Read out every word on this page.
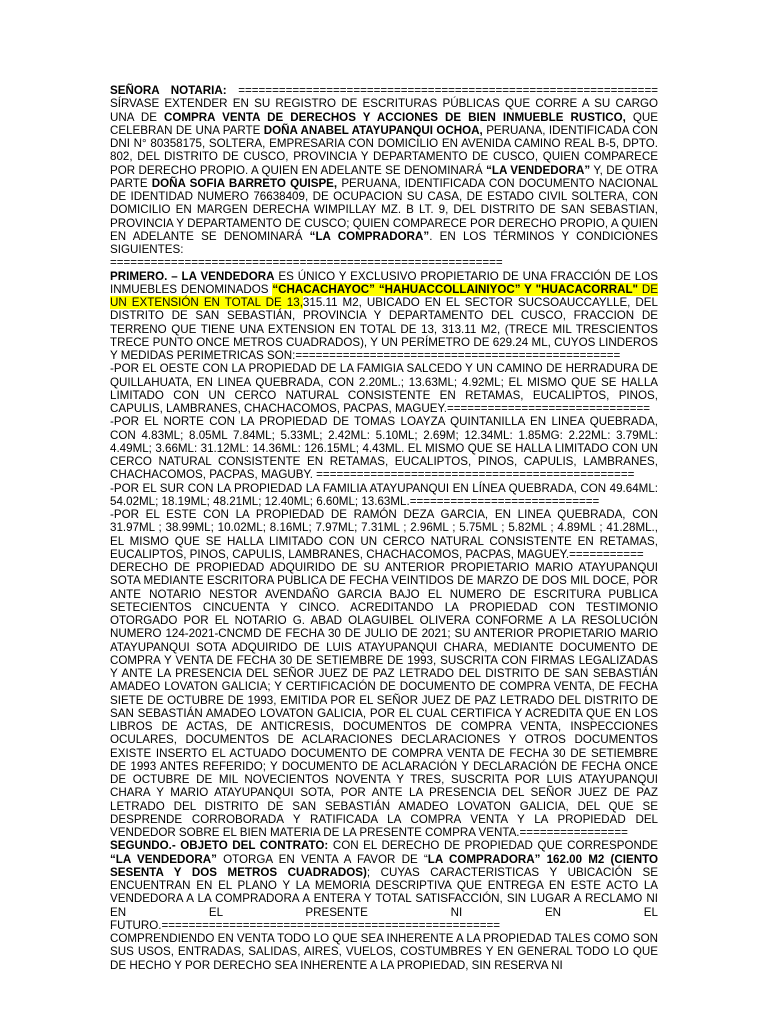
SEÑORA NOTARIA: ============================================================== SÍRVASE EXTENDER EN SU REGISTRO DE ESCRITURAS PÚBLICAS QUE CORRE A SU CARGO UNA DE COMPRA VENTA DE DERECHOS Y ACCIONES DE BIEN INMUEBLE RUSTICO, QUE CELEBRAN DE UNA PARTE DOÑA ANABEL ATAYUPANQUI OCHOA, PERUANA, IDENTIFICADA CON DNI N° 80358175, SOLTERA, EMPRESARIA CON DOMICILIO EN AVENIDA CAMINO REAL B-5, DPTO. 802, DEL DISTRITO DE CUSCO, PROVINCIA Y DEPARTAMENTO DE CUSCO, QUIEN COMPARECE POR DERECHO PROPIO. A QUIEN EN ADELANTE SE DENOMINARÁ “LA VENDEDORA” Y, DE OTRA PARTE DOÑA SOFIA BARRETO QUISPE, PERUANA, IDENTIFICADA CON DOCUMENTO NACIONAL DE IDENTIDAD NUMERO 76638409, DE OCUPACION SU CASA, DE ESTADO CIVIL SOLTERA, CON DOMICILIO EN MARGEN DERECHA WIMPILLAY MZ. B LT. 9, DEL DISTRITO DE SAN SEBASTIAN, PROVINCIA Y DEPARTAMENTO DE CUSCO; QUIEN COMPARECE POR DERECHO PROPIO, A QUIEN EN ADELANTE SE DENOMINARÁ “LA COMPRADORA”. EN LOS TÉRMINOS Y CONDICIONES SIGUIENTES:

==========================================================

PRIMERO. – LA VENDEDORA ES ÚNICO Y EXCLUSIVO PROPIETARIO DE UNA FRACCIÓN DE LOS INMUEBLES DENOMINADOS “CHACACHAYOC” “HAHUACCOLLAINIYOC” Y "HUACACORRAL" DE UN EXTENSIÓN EN TOTAL DE 13,315.11 M2, UBICADO EN EL SECTOR SUCSOAUCCAYLLE, DEL DISTRITO DE SAN SEBASTIÁN, PROVINCIA Y DEPARTAMENTO DEL CUSCO, FRACCION DE TERRENO QUE TIENE UNA EXTENSION EN TOTAL DE 13, 313.11 M2, (TRECE MIL TRESCIENTOS TRECE PUNTO ONCE METROS CUADRADOS), Y UN PERÍMETRO DE 629.24 ML, CUYOS LINDEROS Y MEDIDAS PERIMETRICAS SON:================================================

-POR EL OESTE CON LA PROPIEDAD DE LA FAMIGIA SALCEDO Y UN CAMINO DE HERRADURA DE QUILLAHUATA, EN LINEA QUEBRADA, CON 2.20ML.; 13.63ML; 4.92ML; EL MISMO QUE SE HALLA LIMITADO CON UN CERCO NATURAL CONSISTENTE EN RETAMAS, EUCALIPTOS, PINOS, CAPULIS, LAMBRANES, CHACHACOMOS, PACPAS, MAGUEY.==============================

-POR EL NORTE CON LA PROPIEDAD DE TOMAS LOAYZA QUINTANILLA EN LINEA QUEBRADA, CON 4.83ML; 8.05ML 7.84ML; 5.33ML; 2.42ML: 5.10ML; 2.69M; 12.34ML: 1.85MG: 2.22ML: 3.79ML: 4.49ML; 3.66ML: 31.12ML: 14.36ML: 126.15ML; 4.43ML. EL MISMO QUE SE HALLA LIMITADO CON UN CERCO NATURAL CONSISTENTE EN RETAMAS, EUCALIPTOS, PINOS, CAPULIS, LAMBRANES, CHACHACOMOS, PACPAS, MAGUBY. ===============================================

-POR EL SUR CON LA PROPIEDAD LA FAMILIA ATAYUPANQUI EN LÍNEA QUEBRADA, CON 49.64ML: 54.02ML; 18.19ML; 48.21ML; 12.40ML; 6.60ML; 13.63ML.============================

-POR EL ESTE CON LA PROPIEDAD DE RAMÓN DEZA GARCIA, EN LINEA QUEBRADA, CON 31.97ML ; 38.99ML; 10.02ML; 8.16ML; 7.97ML; 7.31ML ; 2.96ML ; 5.75ML ; 5.82ML ; 4.89ML ; 41.28ML., EL MISMO QUE SE HALLA LIMITADO CON UN CERCO NATURAL CONSISTENTE EN RETAMAS, EUCALIPTOS, PINOS, CAPULIS, LAMBRANES, CHACHACOMOS, PACPAS, MAGUEY.===========

DERECHO DE PROPIEDAD ADQUIRIDO DE SU ANTERIOR PROPIETARIO MARIO ATAYUPANQUI SOTA MEDIANTE ESCRITORA PUBLICA DE FECHA VEINTIDOS DE MARZO DE DOS MIL DOCE, POR ANTE NOTARIO NESTOR AVENDAÑO GARCIA BAJO EL NUMERO DE ESCRITURA PUBLICA SETECIENTOS CINCUENTA Y CINCO. ACREDITANDO LA PROPIEDAD CON TESTIMONIO OTORGADO POR EL NOTARIO G. ABAD OLAGUIBEL OLIVERA CONFORME A LA RESOLUCIÓN NUMERO 124-2021-CNCMD DE FECHA 30 DE JULIO DE 2021; SU ANTERIOR PROPIETARIO MARIO ATAYUPANQUI SOTA ADQUIRIDO DE LUIS ATAYUPANQUI CHARA, MEDIANTE DOCUMENTO DE COMPRA Y VENTA DE FECHA 30 DE SETIEMBRE DE 1993, SUSCRITA CON FIRMAS LEGALIZADAS Y ANTE LA PRESENCIA DEL SEÑOR JUEZ DE PAZ LETRADO DEL DISTRITO DE SAN SEBASTIÁN AMADEO LOVATON GALICIA; Y CERTIFICACIÓN DE DOCUMENTO DE COMPRA VENTA, DE FECHA SIETE DE OCTUBRE DE 1993, EMITIDA POR EL SEÑOR JUEZ DE PAZ LETRADO DEL DISTRITO DE SAN SEBASTIÁN AMADEO LOVATON GALICIA, POR EL CUAL CERTIFICA Y ACREDITA QUE EN LOS LIBROS DE ACTAS, DE ANTICRESIS, DOCUMENTOS DE COMPRA VENTA, INSPECCIONES OCULARES, DOCUMENTOS DE ACLARACIONES DECLARACIONES Y OTROS DOCUMENTOS EXISTE INSERTO EL ACTUADO DOCUMENTO DE COMPRA VENTA DE FECHA 30 DE SETIEMBRE DE 1993 ANTES REFERIDO; Y DOCUMENTO DE ACLARACIÓN Y DECLARACIÓN DE FECHA ONCE DE OCTUBRE DE MIL NOVECIENTOS NOVENTA Y TRES, SUSCRITA POR LUIS ATAYUPANQUI CHARA Y MARIO ATAYUPANQUI SOTA, POR ANTE LA PRESENCIA DEL SEÑOR JUEZ DE PAZ LETRADO DEL DISTRITO DE SAN SEBASTIÁN AMADEO LOVATON GALICIA, DEL QUE SE DESPRENDE CORROBORADA Y RATIFICADA LA COMPRA VENTA Y LA PROPIEDAD DEL VENDEDOR SOBRE EL BIEN MATERIA DE LA PRESENTE COMPRA VENTA.================

SEGUNDO.- OBJETO DEL CONTRATO: CON EL DERECHO DE PROPIEDAD QUE CORRESPONDE “LA VENDEDORA” OTORGA EN VENTA A FAVOR DE “LA COMPRADORA” 162.00 M2 (CIENTO SESENTA Y DOS METROS CUADRADOS); CUYAS CARACTERISTICAS Y UBICACIÓN SE ENCUENTRAN EN EL PLANO Y LA MEMORIA DESCRIPTIVA QUE ENTREGA EN ESTE ACTO LA VENDEDORA A LA COMPRADORA A ENTERA Y TOTAL SATISFACCIÓN, SIN LUGAR A RECLAMO NI EN EL PRESENTE NI EN EL

FUTURO.==================================================

COMPRENDIENDO EN VENTA TODO LO QUE SEA INHERENTE A LA PROPIEDAD TALES COMO SON SUS USOS, ENTRADAS, SALIDAS, AIRES, VUELOS, COSTUMBRES Y EN GENERAL TODO LO QUE DE HECHO Y POR DERECHO SEA INHERENTE A LA PROPIEDAD, SIN RESERVA NI
